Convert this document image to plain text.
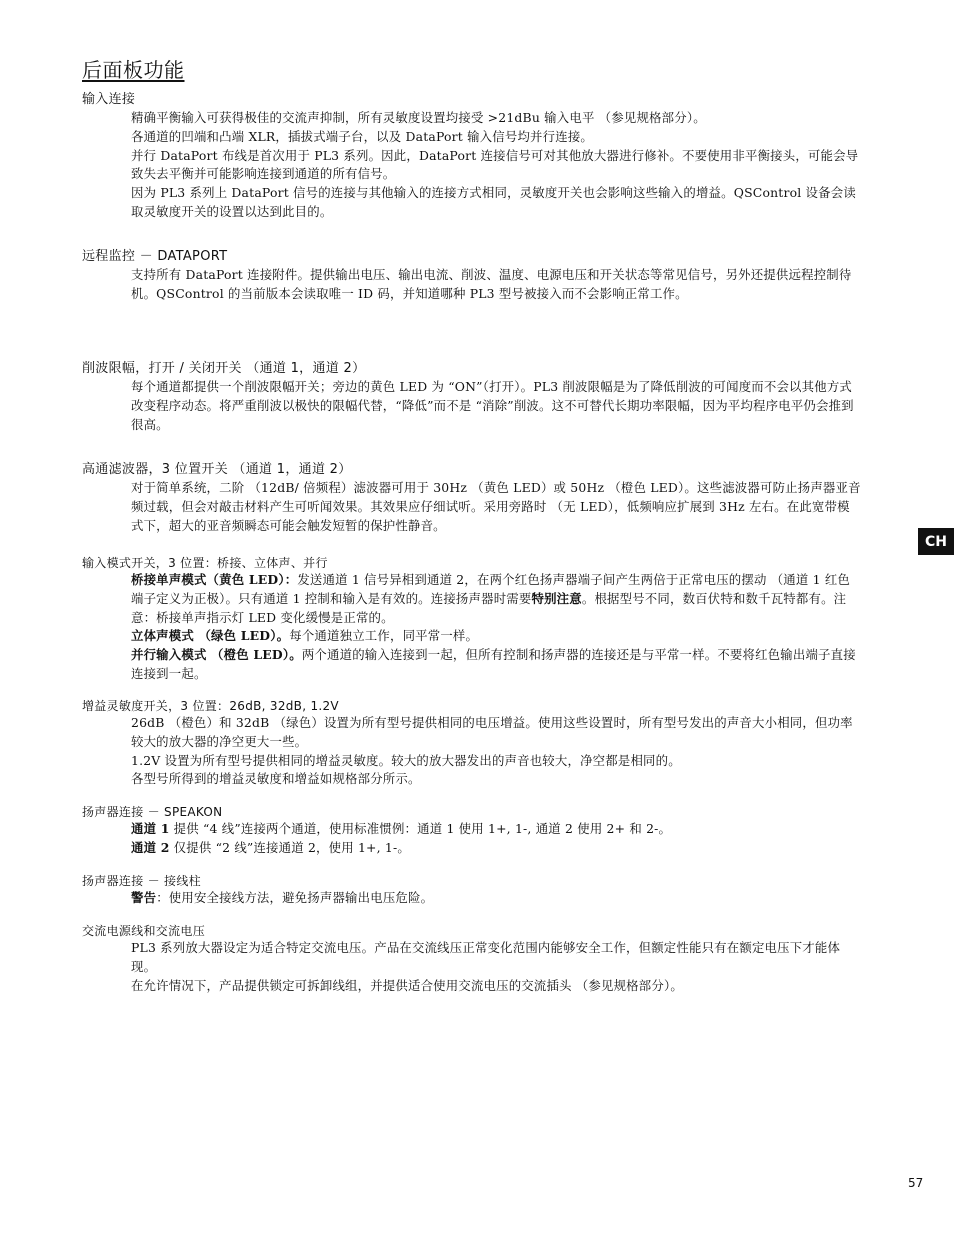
后面板功能
输入连接

精确平衡输入可获得极佳的交流声抑制，所有灵敏度设置均接受 >21dBu 输入电平 （参见规格部分）。

各通道的凹端和凸端 XLR，插拔式端子台，以及 DataPort 输入信号均并行连接。

并行 DataPort 布线是首次用于 PL3 系列。因此，DataPort 连接信号可对其他放大器进行修补。不要使用非平衡接头，可能会导致失去平衡并可能影响连接到通道的所有信号。

因为 PL3 系列上 DataPort 信号的连接与其他输入的连接方式相同，灵敏度开关也会影响这些输入的增益。QSControl 设备会读取灵敏度开关的设置以达到此目的。

远程监控 － DATAPORT

支持所有 DataPort 连接附件。提供输出电压、输出电流、削波、温度、电源电压和开关状态等常见信号，另外还提供远程控制待机。QSControl 的当前版本会读取唯一 ID 码，并知道哪种 PL3 型号被接入而不会影响正常工作。

削波限幅，打开 / 关闭开关 （通道 1，通道 2）

每个通道都提供一个削波限幅开关；旁边的黄色 LED 为 “ON”（打开）。PL3 削波限幅是为了降低削波的可闻度而不会以其他方式改变程序动态。将严重削波以极快的限幅代替，“降低”而不是 “消除”削波。这不可替代长期功率限幅，因为平均程序电平仍会推到很高。

高通滤波器，3 位置开关 （通道 1，通道 2）

对于简单系统，二阶 （12dB/ 倍频程）滤波器可用于 30Hz （黄色 LED）或 50Hz （橙色 LED）。这些滤波器可防止扬声器亚音频过载，但会对敲击材料产生可听闻效果。其效果应仔细试听。采用旁路时 （无 LED），低频响应扩展到 3Hz 左右。在此宽带模式下，超大的亚音频瞬态可能会触发短暂的保护性静音。

输入模式开关，3 位置：桥接、立体声、并行

桥接单声模式（黄色 LED）：发送通道 1 信号异相到通道 2，在两个红色扬声器端子间产生两倍于正常电压的摆动 （通道 1 红色端子定义为正极）。只有通道 1 控制和输入是有效的。连接扬声器时需要特别注意。根据型号不同，数百伏特和数千瓦特都有。注意：桥接单声指示灯 LED 变化缓慢是正常的。

立体声模式 （绿色 LED）。每个通道独立工作，同平常一样。

并行输入模式 （橙色 LED）。两个通道的输入连接到一起，但所有控制和扬声器的连接还是与平常一样。不要将红色输出端子直接连接到一起。

增益灵敏度开关，3 位置：26dB, 32dB, 1.2V

26dB （橙色）和 32dB （绿色）设置为所有型号提供相同的电压增益。使用这些设置时，所有型号发出的声音大小相同，但功率较大的放大器的净空更大一些。

1.2V 设置为所有型号提供相同的增益灵敏度。较大的放大器发出的声音也较大，净空都是相同的。

各型号所得到的增益灵敏度和增益如规格部分所示。

扬声器连接 － SPEAKON

通道 1 提供 “4 线”连接两个通道，使用标准惯例：通道 1 使用 1+, 1-, 通道 2 使用 2+ 和 2-。

通道 2 仅提供 “2 线”连接通道 2，使用 1+, 1-。

扬声器连接 － 接线柱

警告：使用安全接线方法，避免扬声器输出电压危险。

交流电源线和交流电压

PL3 系列放大器设定为适合特定交流电压。产品在交流线压正常变化范围内能够安全工作，但额定性能只有在额定电压下才能体现。

在允许情况下，产品提供锁定可拆卸线组，并提供适合使用交流电压的交流插头 （参见规格部分）。

CH
57
